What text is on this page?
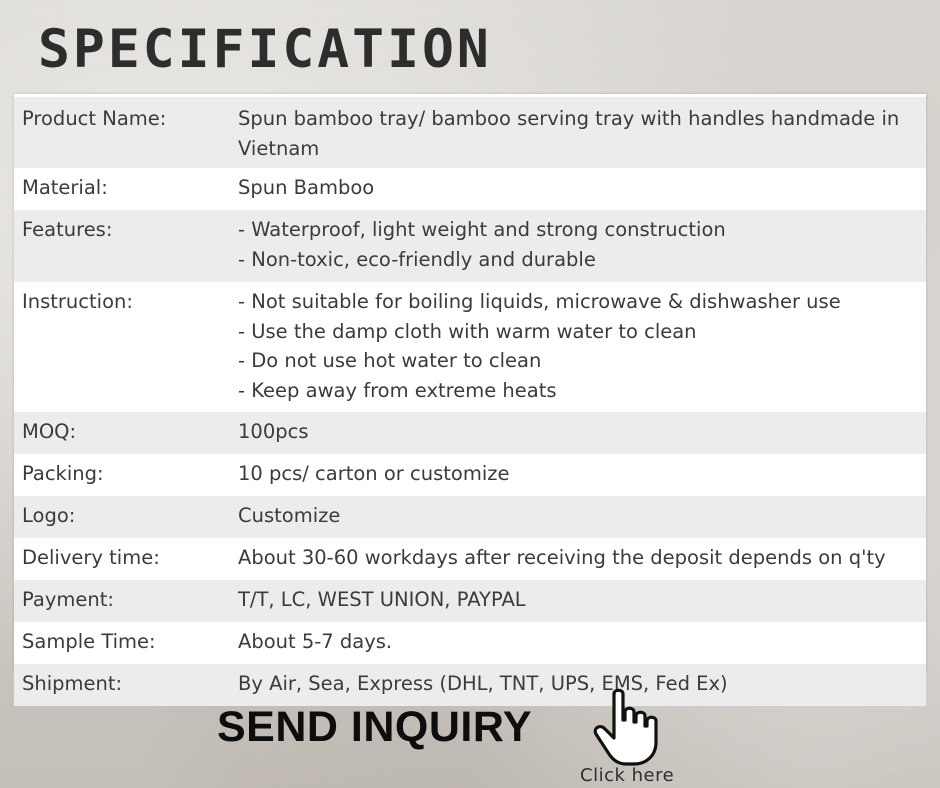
SPECIFICATION
Product Name:	Spun bamboo tray/ bamboo serving tray with handles handmade in Vietnam

Material:	Spun Bamboo

Features:	- Waterproof, light weight and strong construction
- Non-toxic, eco-friendly and durable

Instruction:	- Not suitable for boiling liquids, microwave & dishwasher use
- Use the damp cloth with warm water to clean
- Do not use hot water to clean
- Keep away from extreme heats

MOQ:	100pcs

Packing:	10 pcs/ carton or customize

Logo:	Customize

Delivery time:	About 30-60 workdays after receiving the deposit depends on q'ty

Payment:	T/T, LC, WEST UNION, PAYPAL

Sample Time:	About 5-7 days.

Shipment:	By Air, Sea, Express (DHL, TNT, UPS, EMS, Fed Ex)
SEND INQUIRY
Click here
